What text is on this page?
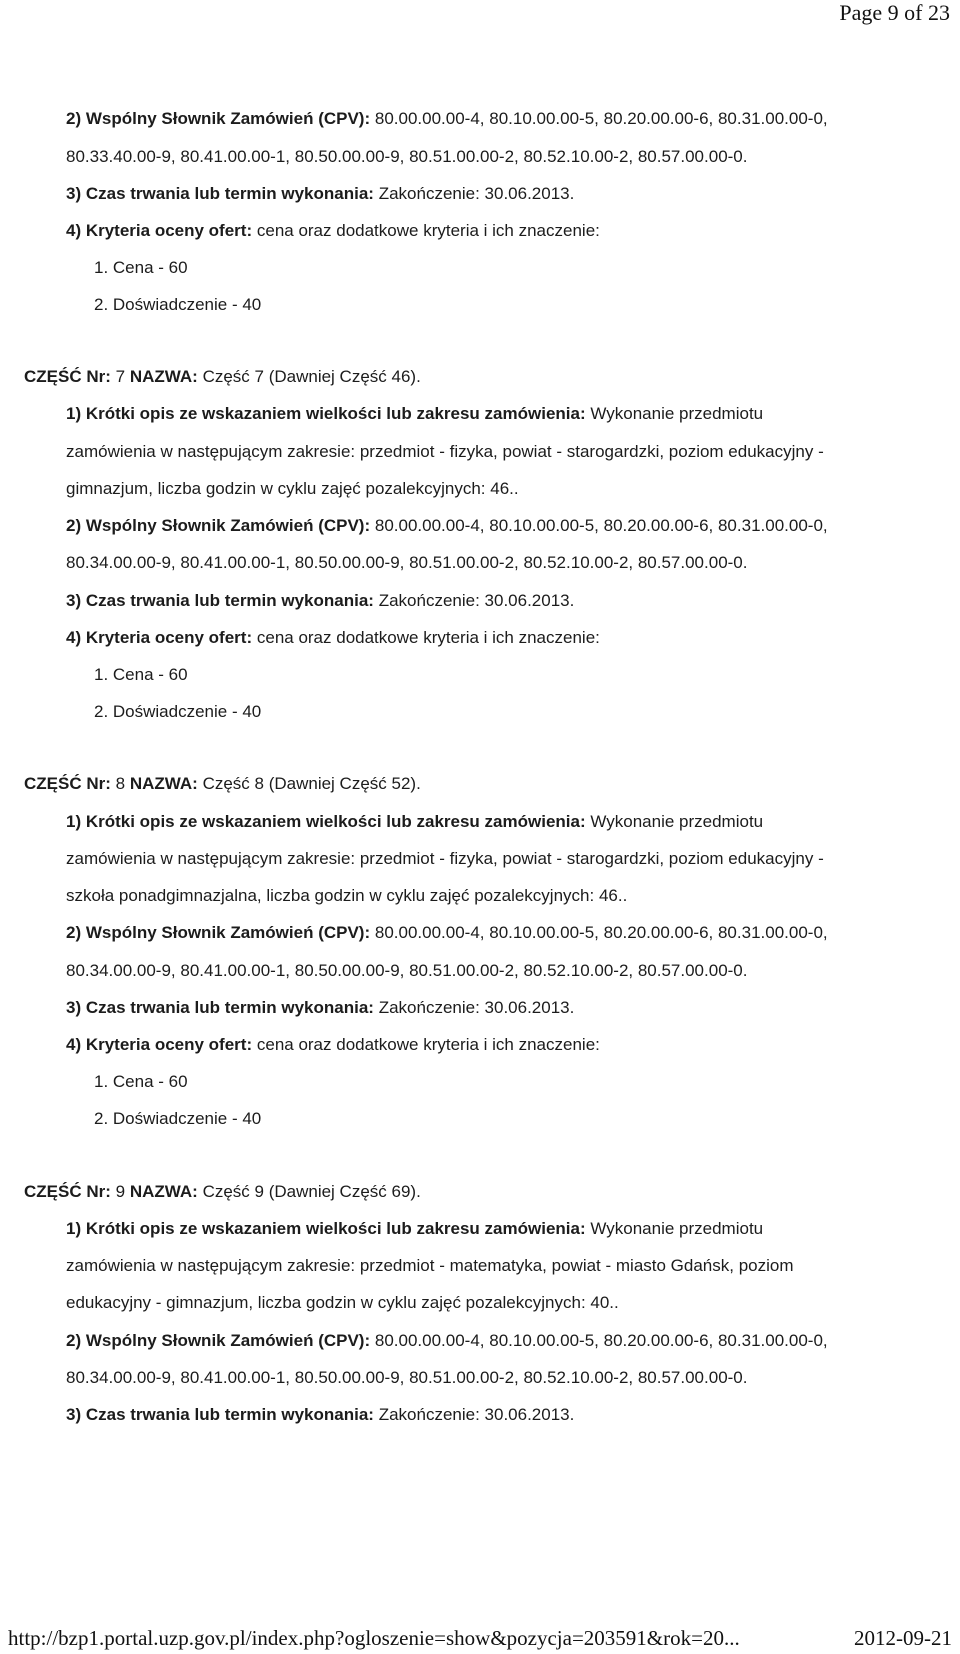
Page 9 of 23
2) Wspólny Słownik Zamówień (CPV): 80.00.00.00-4, 80.10.00.00-5, 80.20.00.00-6, 80.31.00.00-0,
80.33.40.00-9, 80.41.00.00-1, 80.50.00.00-9, 80.51.00.00-2, 80.52.10.00-2, 80.57.00.00-0.
3) Czas trwania lub termin wykonania: Zakończenie: 30.06.2013.
4) Kryteria oceny ofert: cena oraz dodatkowe kryteria i ich znaczenie:
1. Cena - 60
2. Doświadczenie - 40
CZĘŚĆ Nr: 7 NAZWA: Część 7 (Dawniej Część 46).
1) Krótki opis ze wskazaniem wielkości lub zakresu zamówienia: Wykonanie przedmiotu
zamówienia w następującym zakresie: przedmiot - fizyka, powiat - starogardzki, poziom edukacyjny -
gimnazjum, liczba godzin w cyklu zajęć pozalekcyjnych: 46..
2) Wspólny Słownik Zamówień (CPV): 80.00.00.00-4, 80.10.00.00-5, 80.20.00.00-6, 80.31.00.00-0,
80.34.00.00-9, 80.41.00.00-1, 80.50.00.00-9, 80.51.00.00-2, 80.52.10.00-2, 80.57.00.00-0.
3) Czas trwania lub termin wykonania: Zakończenie: 30.06.2013.
4) Kryteria oceny ofert: cena oraz dodatkowe kryteria i ich znaczenie:
1. Cena - 60
2. Doświadczenie - 40
CZĘŚĆ Nr: 8 NAZWA: Część 8 (Dawniej Część 52).
1) Krótki opis ze wskazaniem wielkości lub zakresu zamówienia: Wykonanie przedmiotu
zamówienia w następującym zakresie: przedmiot - fizyka, powiat - starogardzki, poziom edukacyjny -
szkoła ponadgimnazjalna, liczba godzin w cyklu zajęć pozalekcyjnych: 46..
2) Wspólny Słownik Zamówień (CPV): 80.00.00.00-4, 80.10.00.00-5, 80.20.00.00-6, 80.31.00.00-0,
80.34.00.00-9, 80.41.00.00-1, 80.50.00.00-9, 80.51.00.00-2, 80.52.10.00-2, 80.57.00.00-0.
3) Czas trwania lub termin wykonania: Zakończenie: 30.06.2013.
4) Kryteria oceny ofert: cena oraz dodatkowe kryteria i ich znaczenie:
1. Cena - 60
2. Doświadczenie - 40
CZĘŚĆ Nr: 9 NAZWA: Część 9 (Dawniej Część 69).
1) Krótki opis ze wskazaniem wielkości lub zakresu zamówienia: Wykonanie przedmiotu
zamówienia w następującym zakresie: przedmiot - matematyka, powiat - miasto Gdańsk, poziom
edukacyjny - gimnazjum, liczba godzin w cyklu zajęć pozalekcyjnych: 40..
2) Wspólny Słownik Zamówień (CPV): 80.00.00.00-4, 80.10.00.00-5, 80.20.00.00-6, 80.31.00.00-0,
80.34.00.00-9, 80.41.00.00-1, 80.50.00.00-9, 80.51.00.00-2, 80.52.10.00-2, 80.57.00.00-0.
3) Czas trwania lub termin wykonania: Zakończenie: 30.06.2013.
http://bzp1.portal.uzp.gov.pl/index.php?ogloszenie=show&pozycja=203591&rok=20...	2012-09-21
